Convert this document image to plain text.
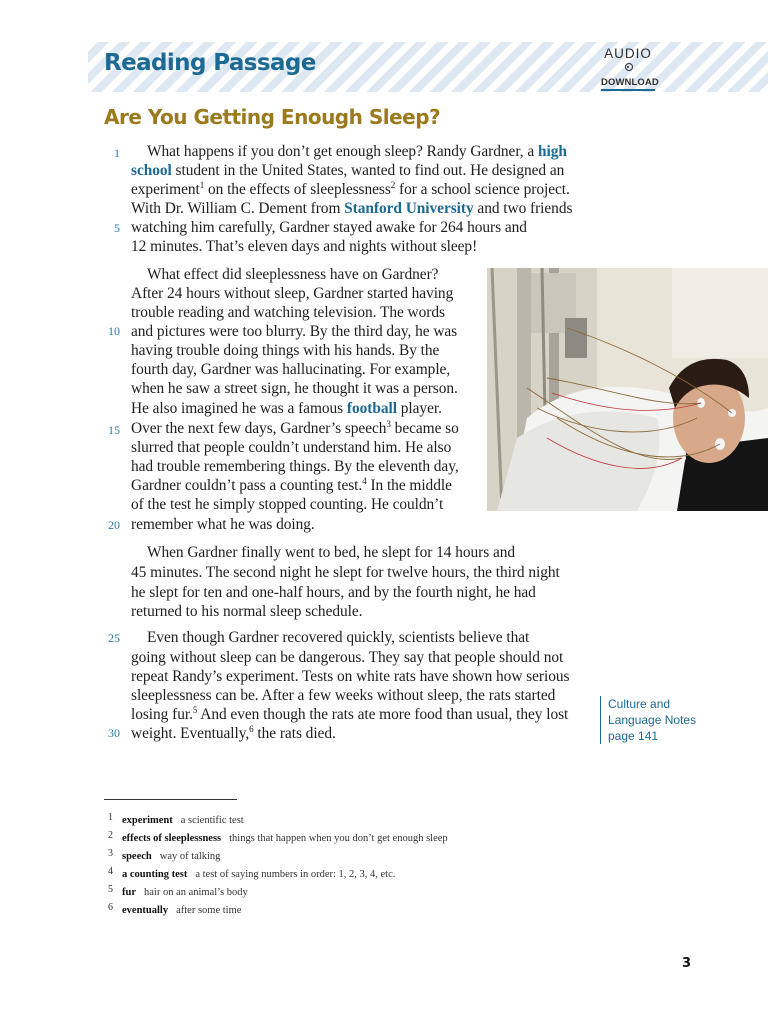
Reading Passage	AUDIO
DOWNLOAD
Are You Getting Enough Sleep?
1
5
10
15
20
25
30
What happens if you don’t get enough sleep? Randy Gardner, a high
school student in the United States, wanted to find out. He designed an
experiment$^1$ on the effects of sleeplessness$^2$ for a school science project.
With Dr. William C. Dement from Stanford University and two friends
watching him carefully, Gardner stayed awake for 264 hours and
12 minutes. That’s eleven days and nights without sleep!
What effect did sleeplessness have on Gardner?
After 24 hours without sleep, Gardner started having
trouble reading and watching television. The words
and pictures were too blurry. By the third day, he was
having trouble doing things with his hands. By the
fourth day, Gardner was hallucinating. For example,
when he saw a street sign, he thought it was a person.
He also imagined he was a famous football player.
Over the next few days, Gardner’s speech$^3$ became so
slurred that people couldn’t understand him. He also
had trouble remembering things. By the eleventh day,
Gardner couldn’t pass a counting test.$^4$ In the middle
of the test he simply stopped counting. He couldn’t
remember what he was doing.
When Gardner finally went to bed, he slept for 14 hours and
45 minutes. The second night he slept for twelve hours, the third night
he slept for ten and one-half hours, and by the fourth night, he had
returned to his normal sleep schedule.
Even though Gardner recovered quickly, scientists believe that
going without sleep can be dangerous. They say that people should not
repeat Randy’s experiment. Tests on white rats have shown how serious
sleeplessness can be. After a few weeks without sleep, the rats started
losing fur.$^5$ And even though the rats ate more food than usual, they lost
weight. Eventually,$^6$ the rats died.
Culture and
Language Notes
page 141
1 experiment a scientific test
2 effects of sleeplessness things that happen when you don’t get enough sleep
3 speech way of talking
4 a counting test a test of saying numbers in order: 1, 2, 3, 4, etc.
5 fur hair on an animal’s body
6 eventually after some time
3
